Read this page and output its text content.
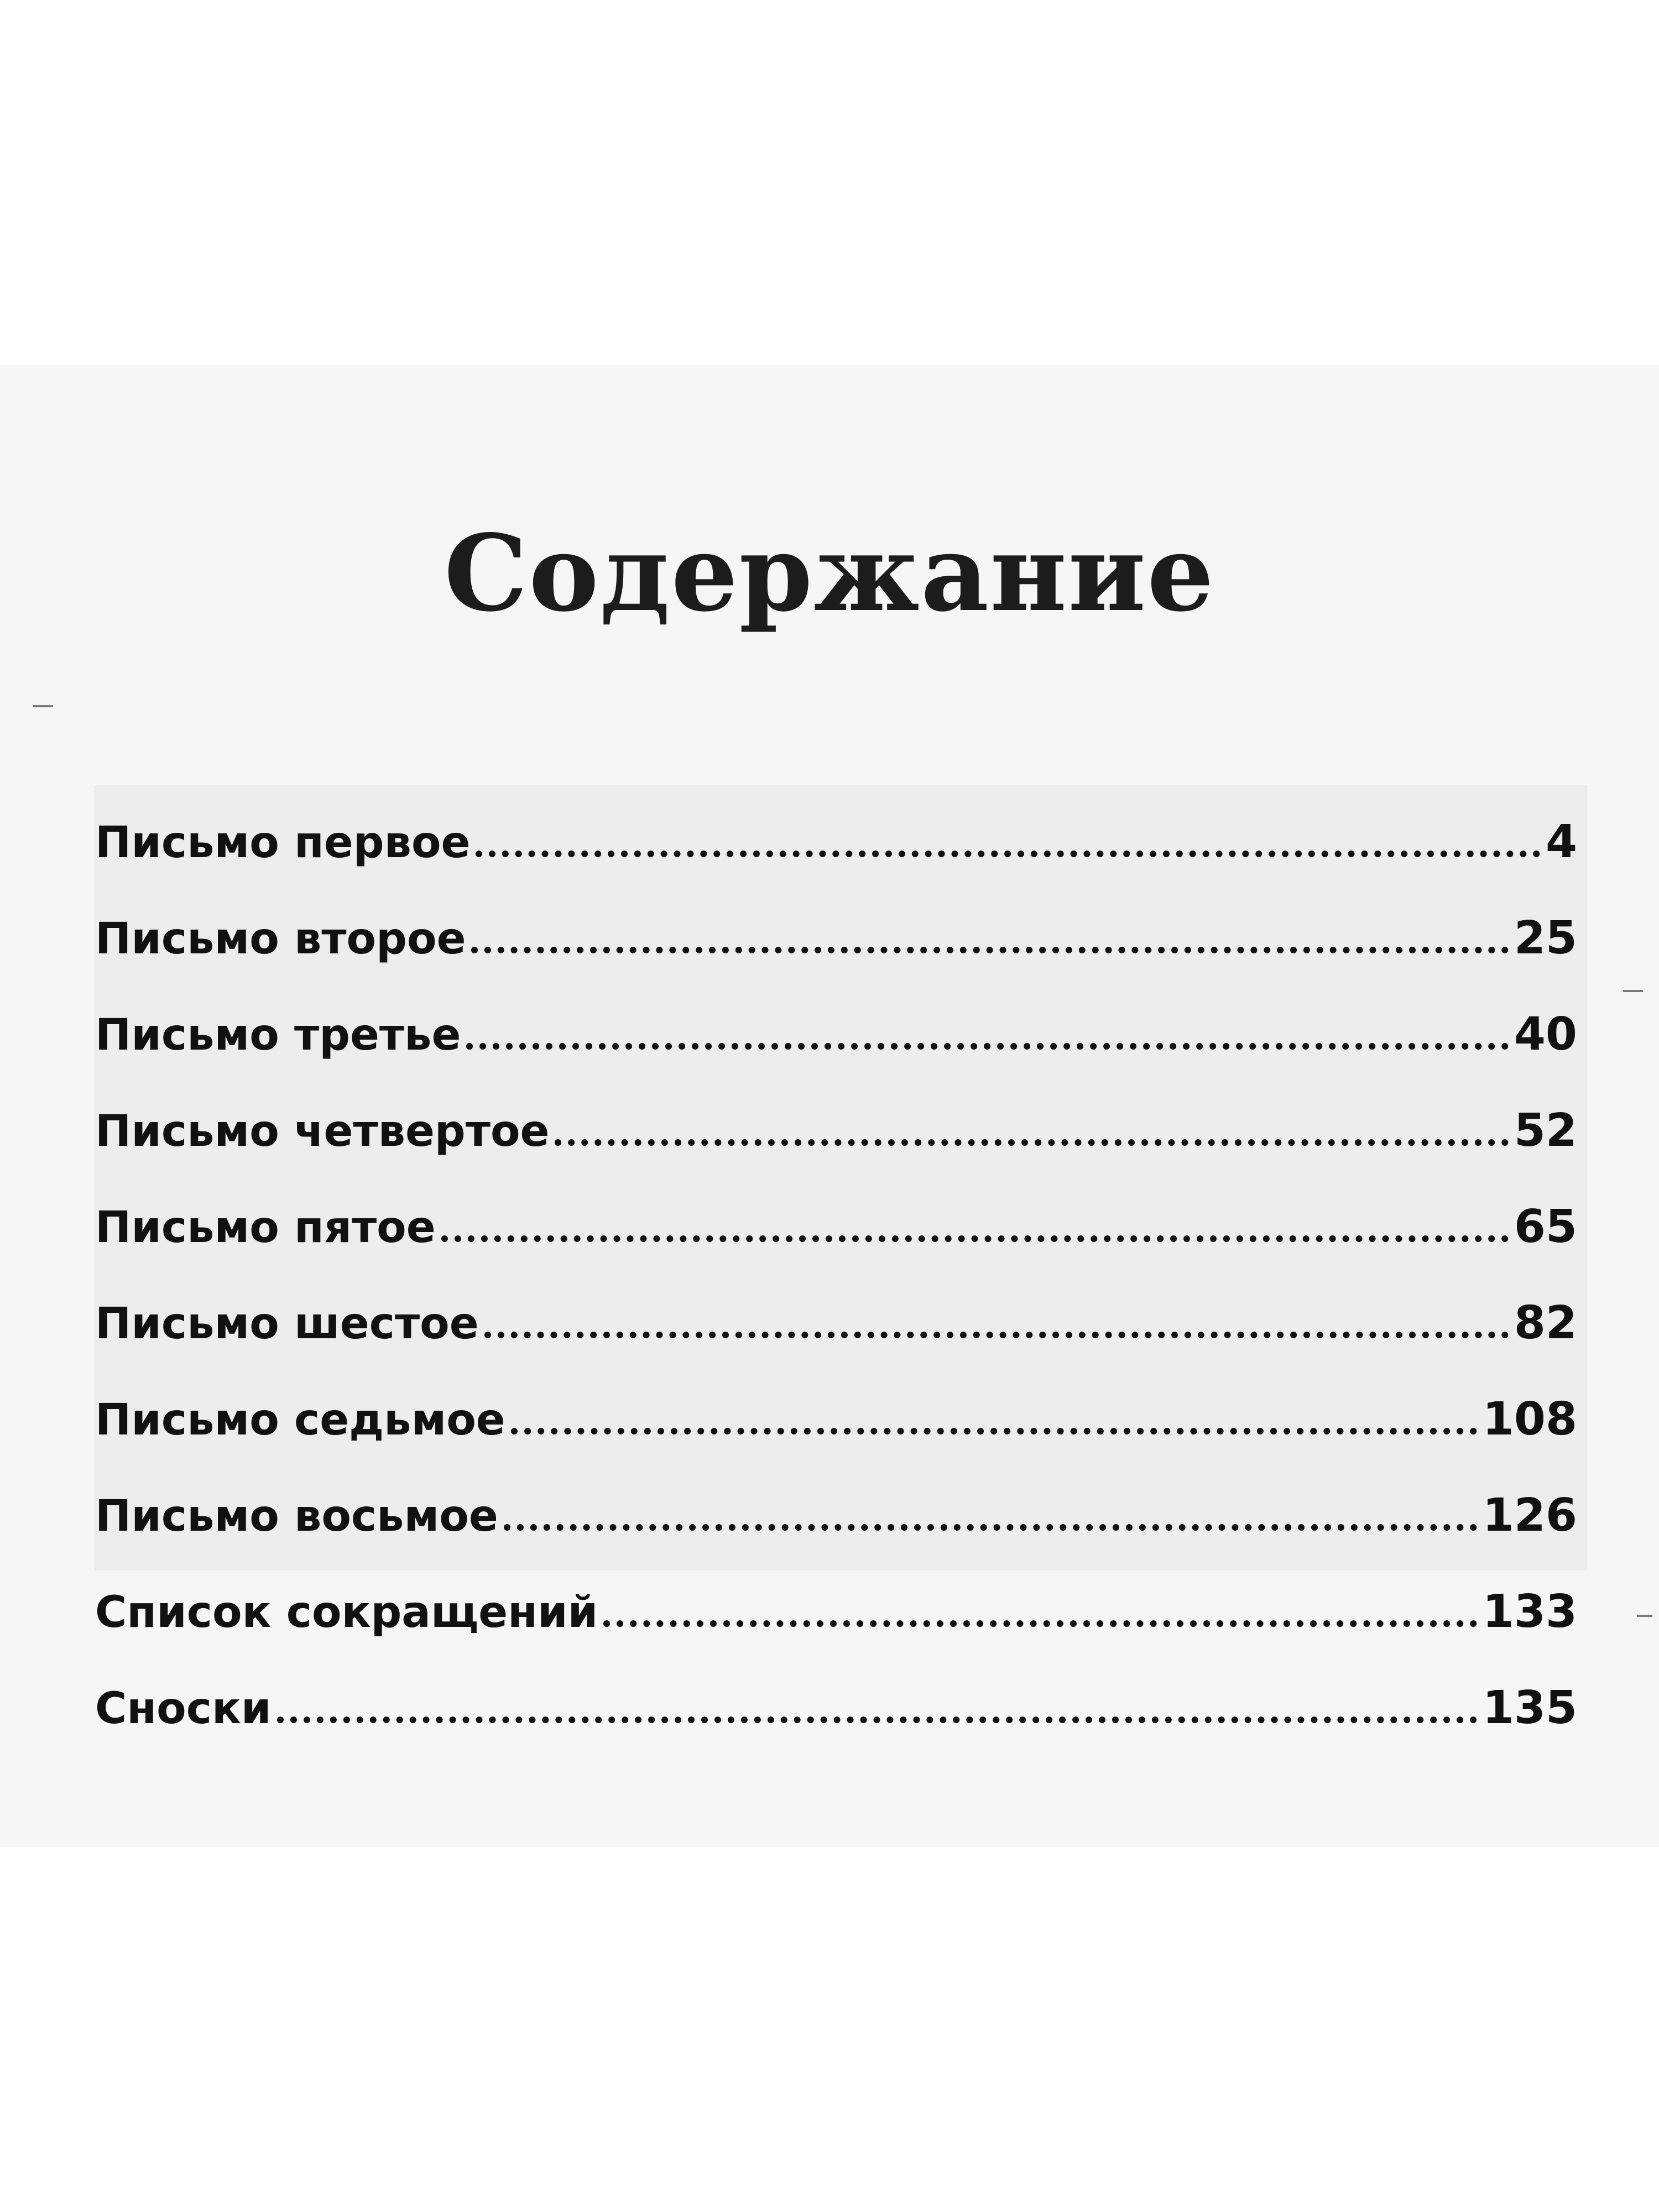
Содержание
Письмо первое	4
Письмо второе	25
Письмо третье	40
Письмо четвертое	52
Письмо пятое	65
Письмо шестое	82
Письмо седьмое	108
Письмо восьмое	126
Список сокращений	133
Сноски	135
